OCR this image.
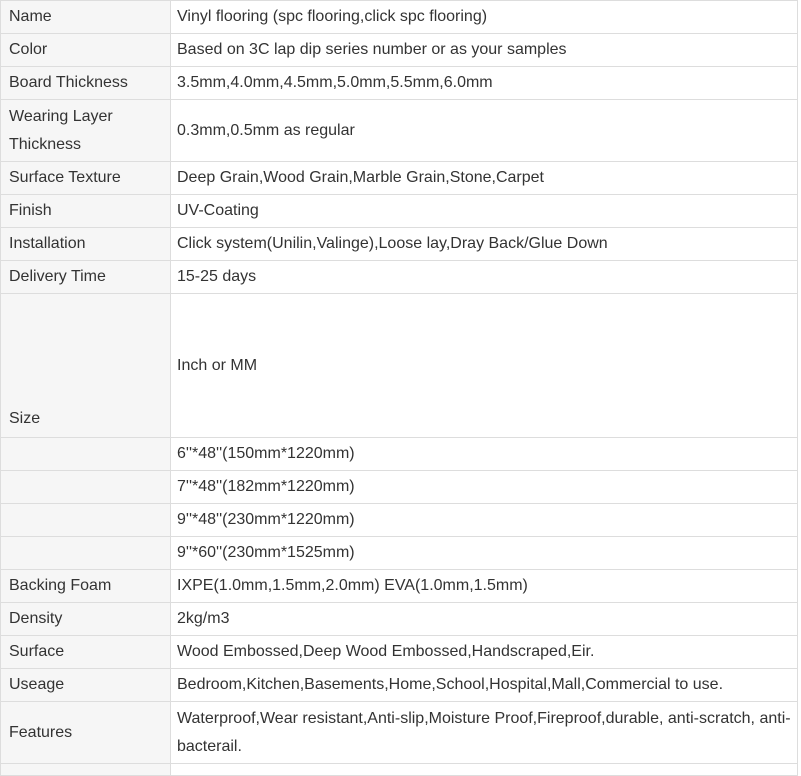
Name	Vinyl flooring (spc flooring,click spc flooring)
Color	Based on 3C lap dip series number or as your samples
Board Thickness	3.5mm,4.0mm,4.5mm,5.0mm,5.5mm,6.0mm
Wearing Layer Thickness	0.3mm,0.5mm as regular
Surface Texture	Deep Grain,Wood Grain,Marble Grain,Stone,Carpet
Finish	UV-Coating
Installation	Click system(Unilin,Valinge),Loose lay,Dray Back/Glue Down
Delivery Time	15-25 days
Size	Inch or MM
	6''*48''(150mm*1220mm)
	7''*48''(182mm*1220mm)
	9''*48''(230mm*1220mm)
	9''*60''(230mm*1525mm)
Backing Foam	IXPE(1.0mm,1.5mm,2.0mm) EVA(1.0mm,1.5mm)
Density	2kg/m3
Surface	Wood Embossed,Deep Wood Embossed,Handscraped,Eir.
Useage	Bedroom,Kitchen,Basements,Home,School,Hospital,Mall,Commercial to use.
Features	Waterproof,Wear resistant,Anti-slip,Moisture Proof,Fireproof,durable, anti-scratch, anti-bacterail.
